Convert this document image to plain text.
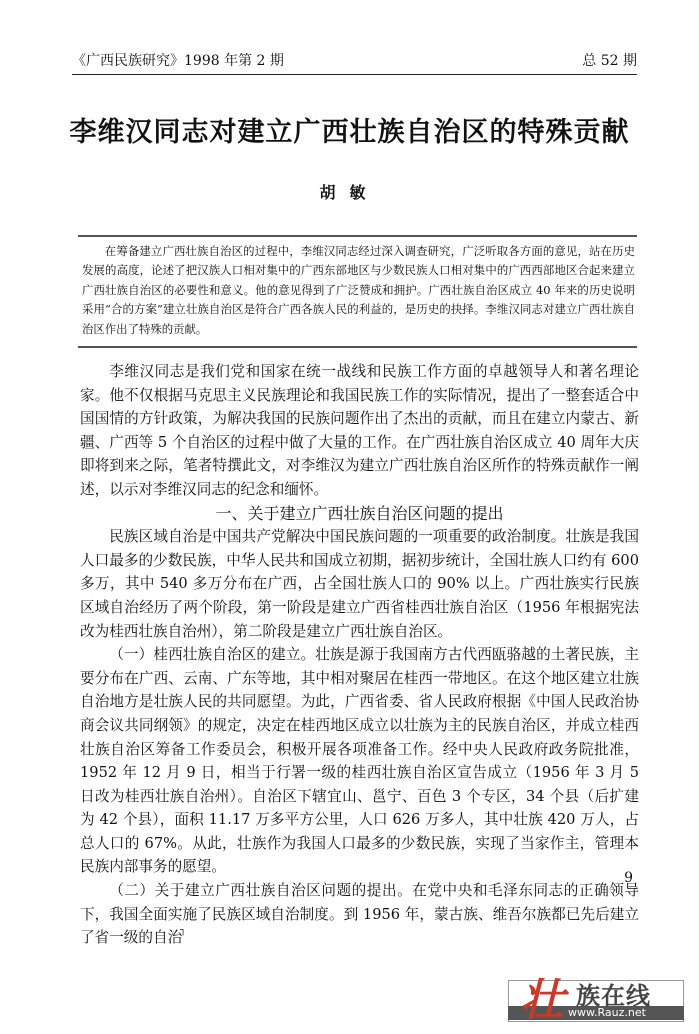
《广西民族研究》1998 年第 2 期	总 52 期
李维汉同志对建立广西壮族自治区的特殊贡献
胡敏
在筹备建立广西壮族自治区的过程中，李维汉同志经过深入调查研究，广泛听取各方面的意见，站在历史发展的高度，论述了把汉族人口相对集中的广西东部地区与少数民族人口相对集中的广西西部地区合起来建立广西壮族自治区的必要性和意义。他的意见得到了广泛赞成和拥护。广西壮族自治区成立 40 年来的历史说明采用“合的方案”建立壮族自治区是符合广西各族人民的利益的，是历史的抉择。李维汉同志对建立广西壮族自治区作出了特殊的贡献。

李维汉同志是我们党和国家在统一战线和民族工作方面的卓越领导人和著名理论家。他不仅根据马克思主义民族理论和我国民族工作的实际情况，提出了一整套适合中国国情的方针政策，为解决我国的民族问题作出了杰出的贡献，而且在建立内蒙古、新疆、广西等 5 个自治区的过程中做了大量的工作。在广西壮族自治区成立 40 周年大庆即将到来之际，笔者特撰此文，对李维汉为建立广西壮族自治区所作的特殊贡献作一阐述，以示对李维汉同志的纪念和缅怀。

一、关于建立广西壮族自治区问题的提出

民族区域自治是中国共产党解决中国民族问题的一项重要的政治制度。壮族是我国人口最多的少数民族，中华人民共和国成立初期，据初步统计，全国壮族人口约有 600 多万，其中 540 多万分布在广西，占全国壮族人口的 90% 以上。广西壮族实行民族区域自治经历了两个阶段，第一阶段是建立广西省桂西壮族自治区（1956 年根据宪法改为桂西壮族自治州），第二阶段是建立广西壮族自治区。

（一）桂西壮族自治区的建立。壮族是源于我国南方古代西瓯骆越的土著民族，主要分布在广西、云南、广东等地，其中相对聚居在桂西一带地区。在这个地区建立壮族自治地方是壮族人民的共同愿望。为此，广西省委、省人民政府根据《中国人民政治协商会议共同纲领》的规定，决定在桂西地区成立以壮族为主的民族自治区，并成立桂西壮族自治区筹备工作委员会，积极开展各项准备工作。经中央人民政府政务院批准，1952 年 12 月 9 日，相当于行署一级的桂西壮族自治区宣告成立（1956 年 3 月 5 日改为桂西壮族自治州）。自治区下辖宜山、邕宁、百色 3 个专区，34 个县（后扩建为 42 个县），面积 11.17 万多平方公里，人口 626 万多人，其中壮族 420 万人，占总人口的 67%。从此，壮族作为我国人口最多的少数民族，实现了当家作主，管理本民族内部事务的愿望。

（二）关于建立广西壮族自治区问题的提出。在党中央和毛泽东同志的正确领导下，我国全面实施了民族区域自治制度。到 1956 年，蒙古族、维吾尔族都已先后建立了省一级的自治

9
┐
壮 族在线
www.Rauz.net
